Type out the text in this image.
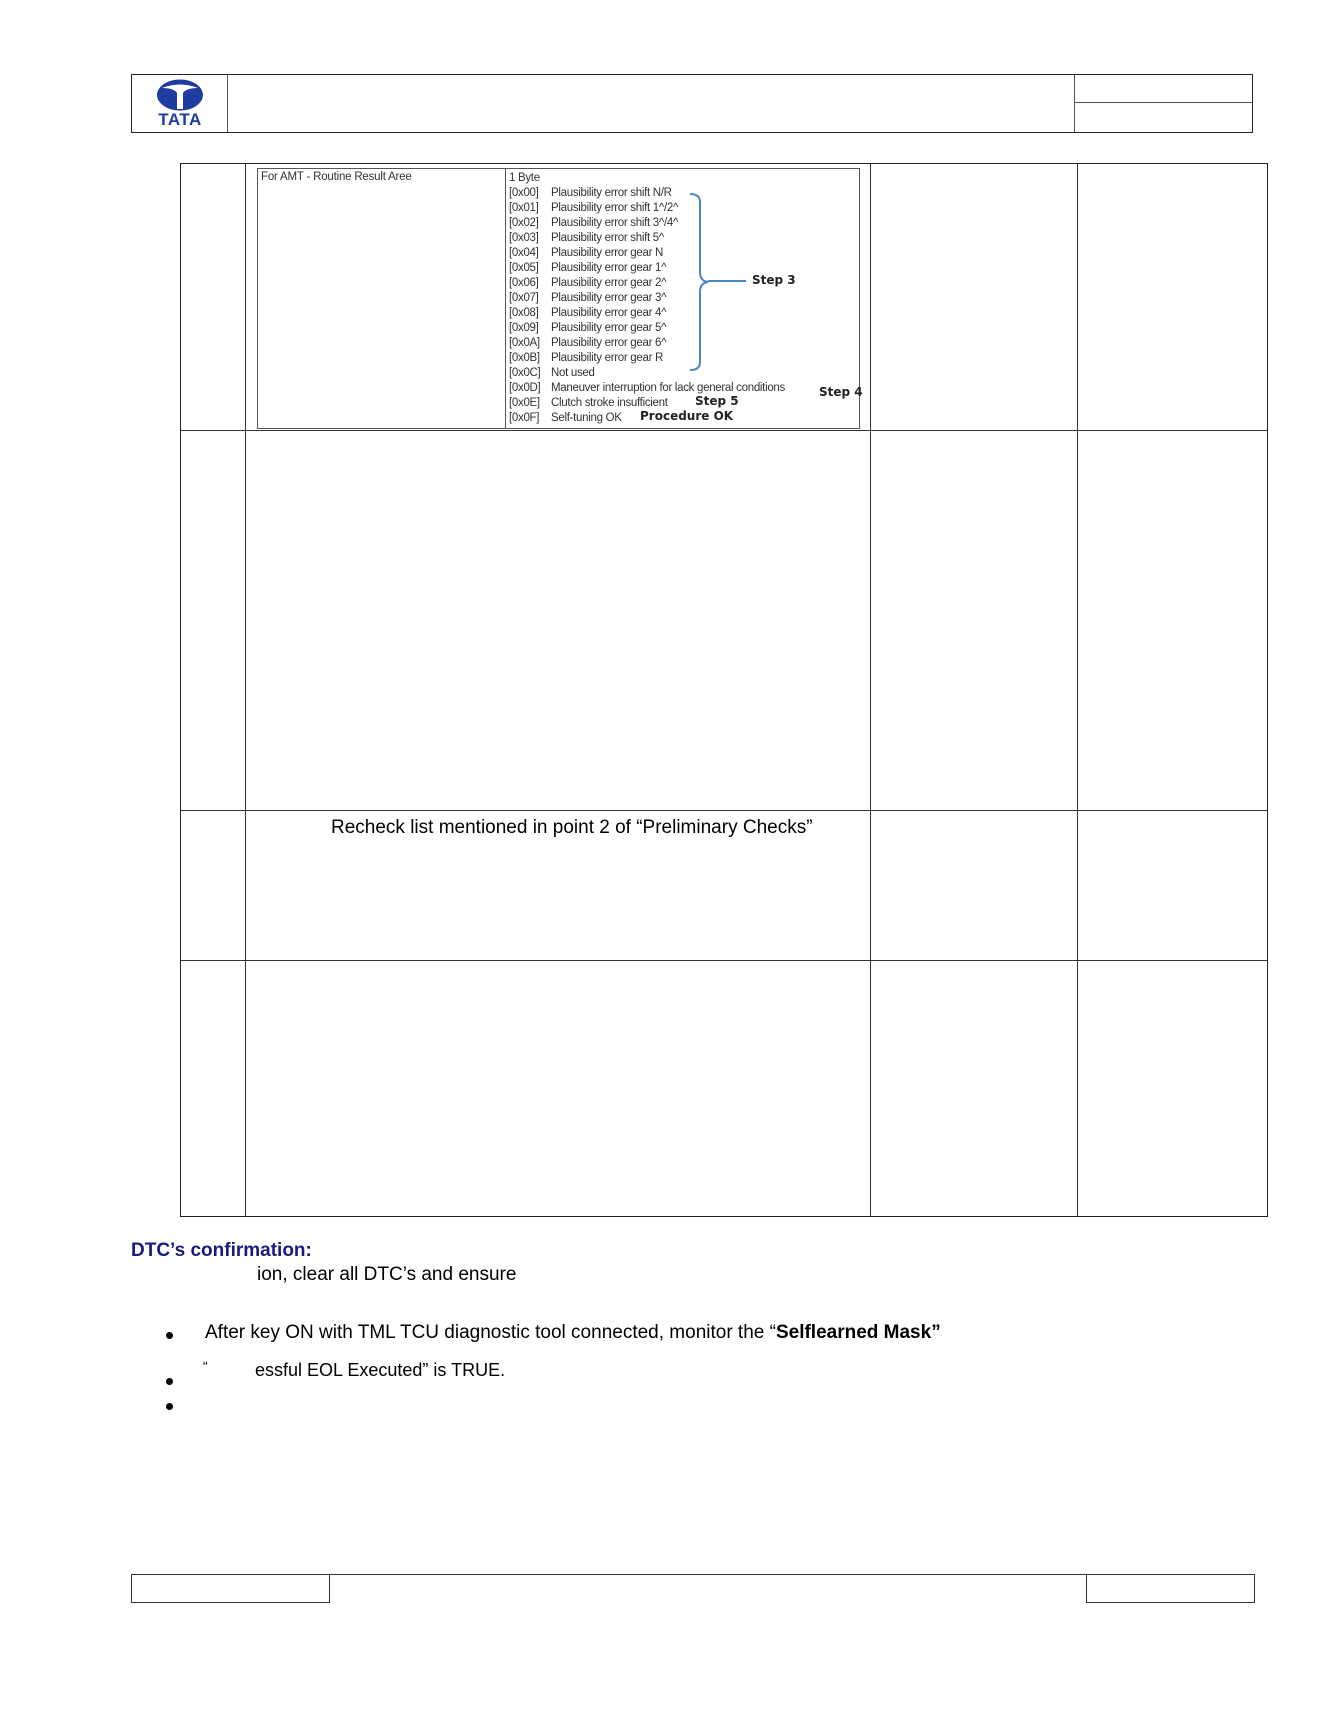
TATA
For AMT - Routine Result Aree	1 Byte
[0x00] Plausibility error shift N/R
[0x01] Plausibility error shift 1^/2^
[0x02] Plausibility error shift 3^/4^
[0x03] Plausibility error shift 5^
[0x04] Plausibility error gear N
[0x05] Plausibility error gear 1^
[0x06] Plausibility error gear 2^
[0x07] Plausibility error gear 3^
[0x08] Plausibility error gear 4^
[0x09] Plausibility error gear 5^
[0x0A] Plausibility error gear 6^
[0x0B] Plausibility error gear R
[0x0C] Not used
[0x0D] Maneuver interruption for lack general conditions
[0x0E] Clutch stroke insufficient
[0x0F] Self-tuning OK
Step 3
Step 4
Step 5
Procedure OK
Recheck list mentioned in point 2 of “Preliminary Checks”
DTC’s confirmation:
ion, clear all DTC’s and ensure
After key ON with TML TCU diagnostic tool connected, monitor the “Selflearned Mask”
“	essful EOL Executed” is TRUE.
